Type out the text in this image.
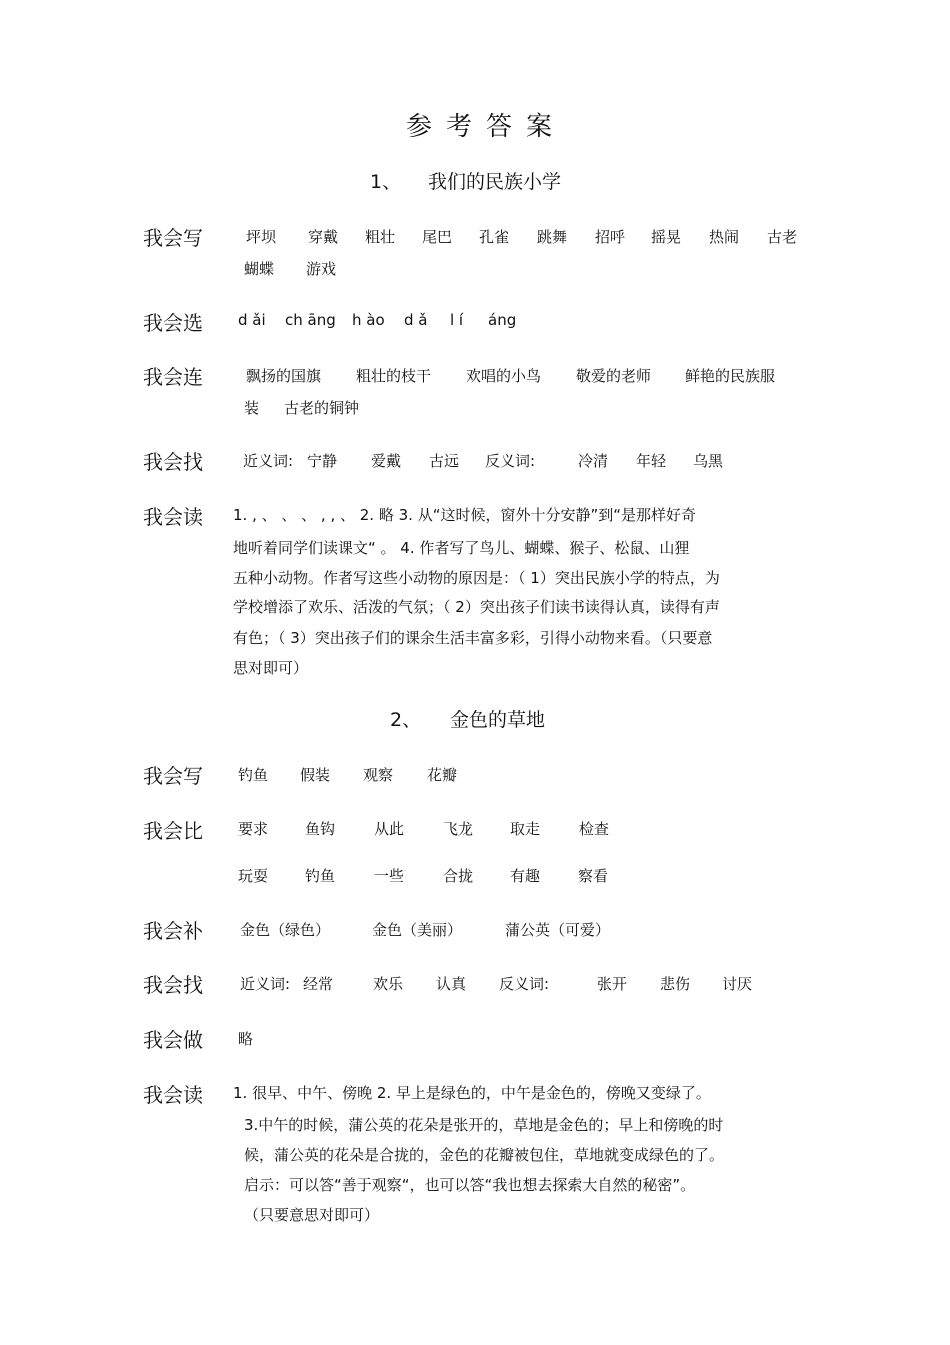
参考答案
1、 我们的民族小学
我会写	坪坝 穿戴 粗壮 尾巴 孔雀 跳舞 招呼 摇晃 热闹 古老
蝴蝶 游戏
我会选 d ǎi ch āng h ào d ǎ l í áng
我会连	飘扬的国旗 粗壮的枝干 欢唱的小鸟 敬爱的老师 鲜艳的民族服
装 古老的铜钟
我会找	近义词: 宁静 爱戴 古远 反义词:	冷清 年轻 乌黑
我会读 1. , 、 、 、 , , 、 2. 略 3. 从“这时候，窗外十分安静”到“是那样好奇
地听着同学们读课文“ 。 4. 作者写了鸟儿、蝴蝶、猴子、松鼠、山狸
五种小动物。作者写这些小动物的原因是：（ 1）突出民族小学的特点，为
学校增添了欢乐、活泼的气氛；（ 2）突出孩子们读书读得认真，读得有声
有色；（ 3）突出孩子们的课余生活丰富多彩，引得小动物来看。（只要意
思对即可）
2、 金色的草地
我会写 钓鱼 假装 观察 花瓣
我会比 要求 鱼钩	从此	飞龙 取走	检查
玩耍 钓鱼	一些	合拢 有趣	察看
我会补 金色（绿色）	金色（美丽）	蒲公英（可爱）
我会找 近义词: 经常	欢乐 认真 反义词:	张开 悲伤 讨厌
我会做 略
我会读 1. 很早、中午、傍晚 2. 早上是绿色的，中午是金色的，傍晚又变绿了。
3.中午的时候，蒲公英的花朵是张开的，草地是金色的；早上和傍晚的时
候，蒲公英的花朵是合拢的，金色的花瓣被包住，草地就变成绿色的了。
启示：可以答“善于观察“，也可以答“我也想去探索大自然的秘密”。
（只要意思对即可）
